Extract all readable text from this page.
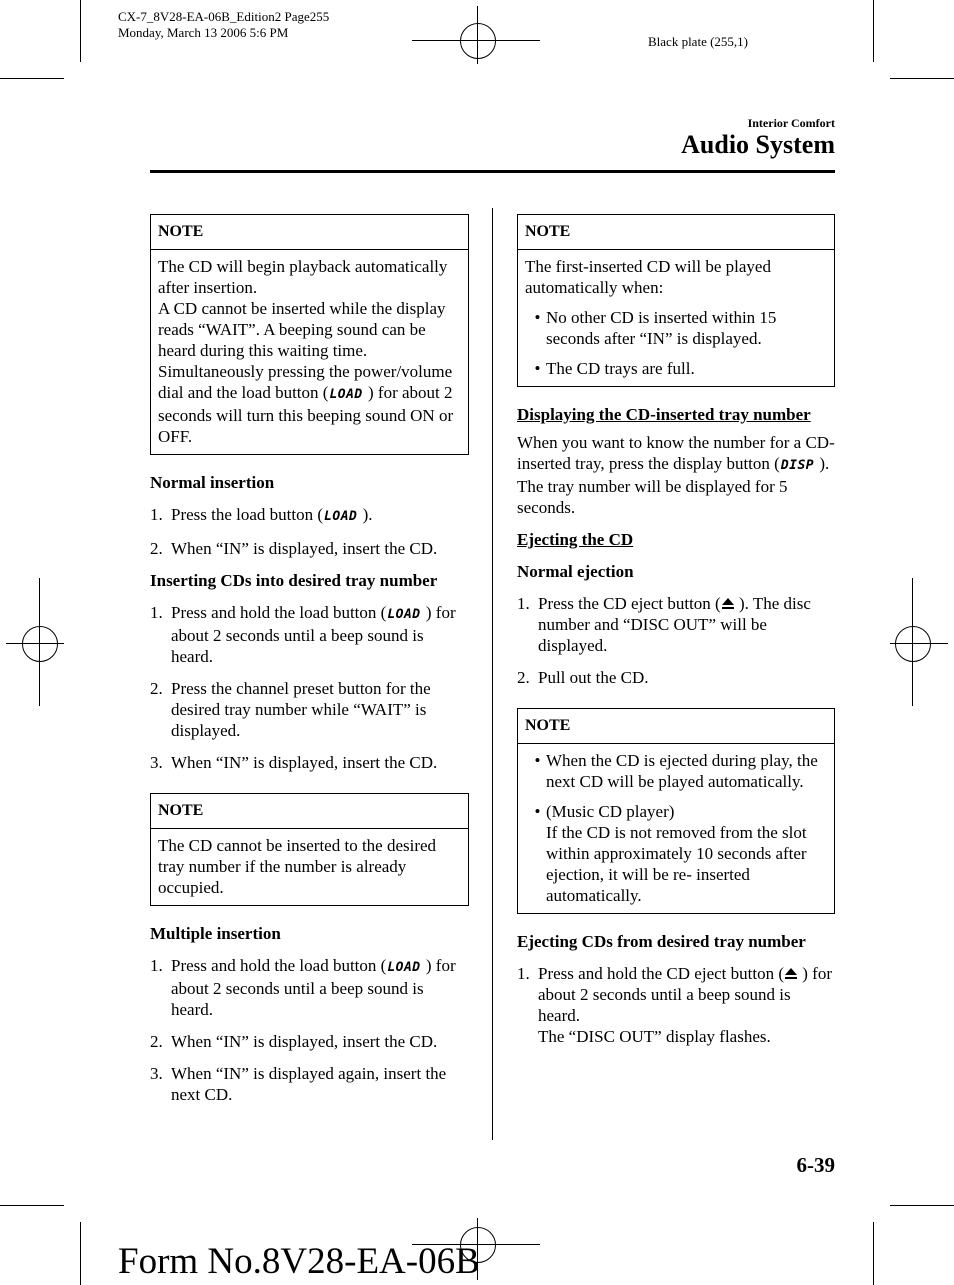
CX-7_8V28-EA-06B_Edition2 Page255
Monday, March 13 2006 5:6 PM
Black plate (255,1)
Interior Comfort
Audio System
NOTE

The CD will begin playback automatically after insertion.

A CD cannot be inserted while the display reads “WAIT”. A beeping sound can be heard during this waiting time. Simultaneously pressing the power/volume dial and the load button (LOAD ) for about 2 seconds will turn this beeping sound ON or OFF.

Normal insertion

1. Press the load button (LOAD ).
2. When “IN” is displayed, insert the CD.

Inserting CDs into desired tray number

1. Press and hold the load button (LOAD ) for about 2 seconds until a beep sound is heard.
2. Press the channel preset button for the desired tray number while “WAIT” is displayed.
3. When “IN” is displayed, insert the CD.
NOTE

The CD cannot be inserted to the desired tray number if the number is already occupied.

Multiple insertion

1. Press and hold the load button (LOAD ) for about 2 seconds until a beep sound is heard.
2. When “IN” is displayed, insert the CD.
3. When “IN” is displayed again, insert the next CD.
NOTE

The first-inserted CD will be played automatically when:

• No other CD is inserted within 15 seconds after “IN” is displayed.
• The CD trays are full.

Displaying the CD-inserted tray number

When you want to know the number for a CD-inserted tray, press the display button (DISP ). The tray number will be displayed for 5 seconds.

Ejecting the CD

Normal ejection

1. Press the CD eject button ( ). The disc number and “DISC OUT” will be displayed.
2. Pull out the CD.
NOTE
• When the CD is ejected during play, the next CD will be played automatically.
• (Music CD player)
If the CD is not removed from the slot within approximately 10 seconds after ejection, it will be re- inserted automatically.

Ejecting CDs from desired tray number

1. Press and hold the CD eject button ( ) for about 2 seconds until a beep sound is heard.
The “DISC OUT” display flashes.
6-39
Form No.8V28-EA-06B
